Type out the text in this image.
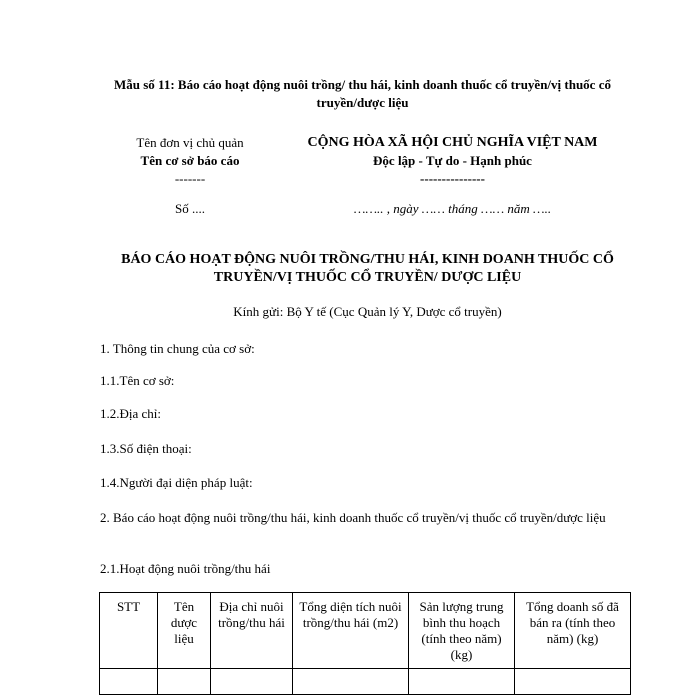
Mẫu số 11: Báo cáo hoạt động nuôi trồng/ thu hái, kinh doanh thuốc cổ truyền/vị thuốc cổ truyền/dược liệu
Tên đơn vị chủ quản
Tên cơ sở báo cáo
-------
Số ....
CỘNG HÒA XÃ HỘI CHỦ NGHĨA VIỆT NAM
Độc lập - Tự do - Hạnh phúc
---------------
…….. , ngày …… tháng …… năm …..
BÁO CÁO HOẠT ĐỘNG NUÔI TRỒNG/THU HÁI, KINH DOANH THUỐC CỔ TRUYỀN/VỊ THUỐC CỔ TRUYỀN/ DƯỢC LIỆU
Kính gửi: Bộ Y tế (Cục Quản lý Y, Dược cổ truyền)
1. Thông tin chung của cơ sở:
1.1.Tên cơ sở:
1.2.Địa chỉ:
1.3.Số điện thoại:
1.4.Người đại diện pháp luật:
2. Báo cáo hoạt động nuôi trồng/thu hái, kinh doanh thuốc cổ truyền/vị thuốc cổ truyền/dược liệu
2.1.Hoạt động nuôi trồng/thu hái
STT	Tên dược liệu	Địa chỉ nuôi trồng/thu hái	Tổng diện tích nuôi trồng/thu hái (m2)	Sản lượng trung bình thu hoạch (tính theo năm) (kg)	Tổng doanh số đã bán ra (tính theo năm) (kg)
